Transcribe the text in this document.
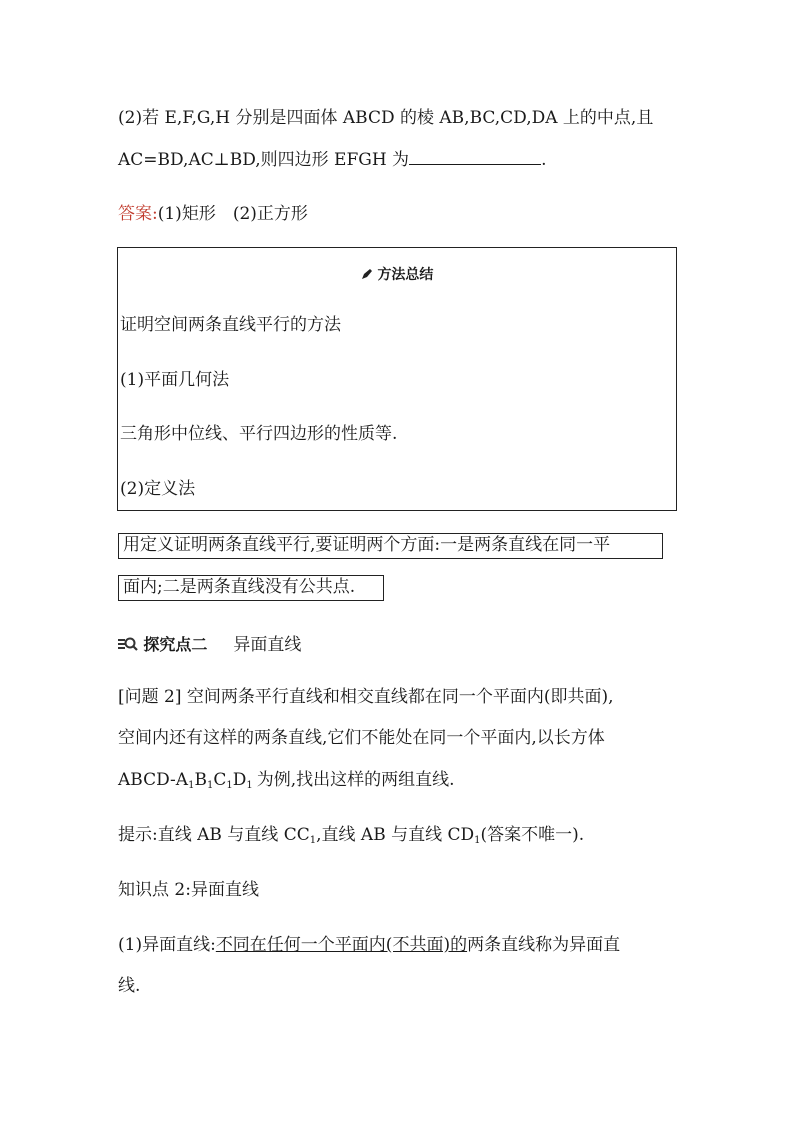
(2)若 E,F,G,H 分别是四面体 ABCD 的棱 AB,BC,CD,DA 上的中点,且
AC=BD,AC⊥BD,则四边形 EFGH 为	.
答案:(1)矩形　(2)正方形
方法总结
证明空间两条直线平行的方法
(1)平面几何法
三角形中位线、平行四边形的性质等.
(2)定义法
用定义证明两条直线平行,要证明两个方面:一是两条直线在同一平
面内;二是两条直线没有公共点.
探究点二 异面直线
[问题 2] 空间两条平行直线和相交直线都在同一个平面内(即共面),
空间内还有这样的两条直线,它们不能处在同一个平面内,以长方体
ABCD-$A_1B_1C_1D_1$ 为例,找出这样的两组直线.
提示:直线 AB 与直线 $CC_1$,直线 AB 与直线 $CD_1$(答案不唯一).
知识点 2:异面直线
(1)异面直线:不同在任何一个平面内(不共面)的两条直线称为异面直
线.
